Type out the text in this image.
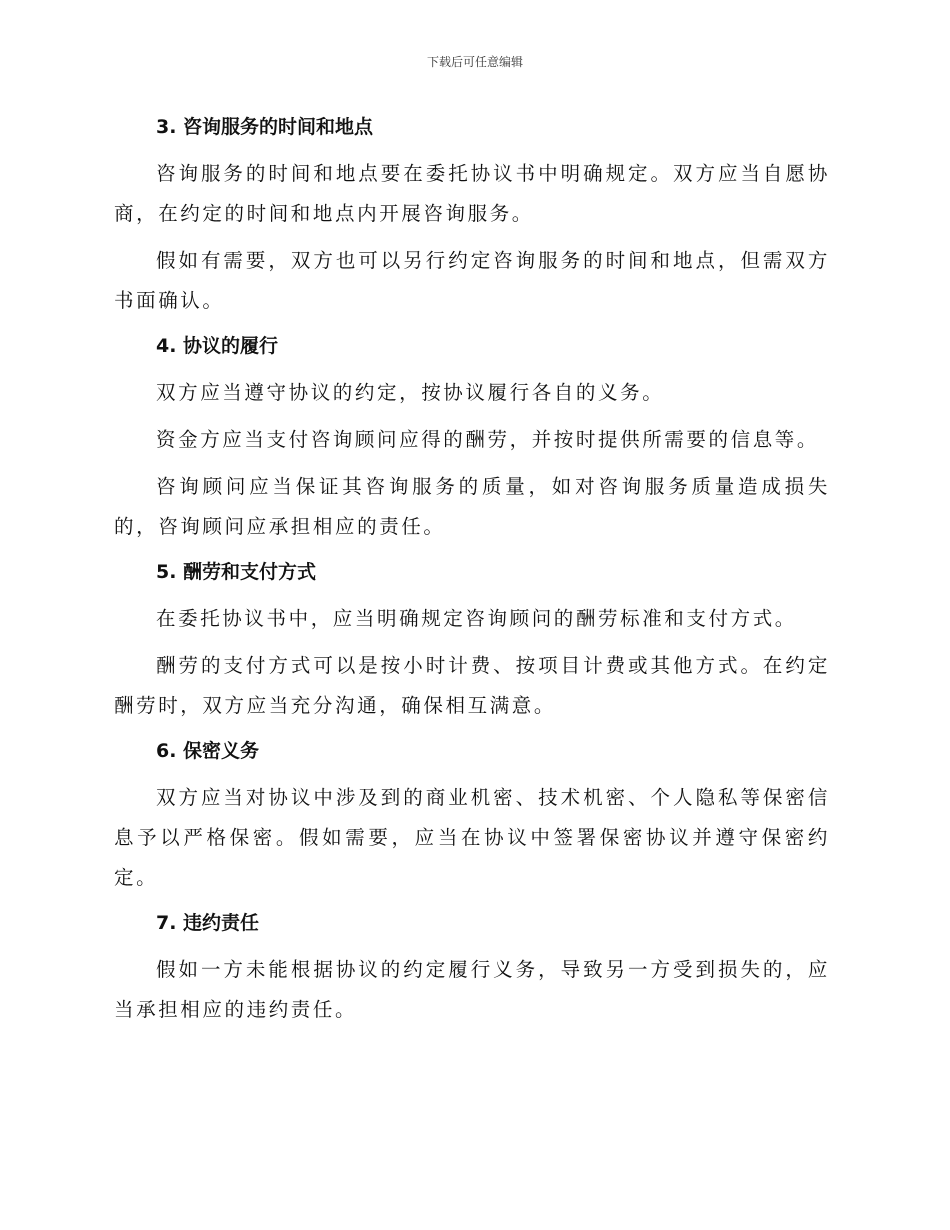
下载后可任意编辑
3. 咨询服务的时间和地点

咨询服务的时间和地点要在委托协议书中明确规定。双方应当自愿协商，在约定的时间和地点内开展咨询服务。

假如有需要，双方也可以另行约定咨询服务的时间和地点，但需双方书面确认。

4. 协议的履行

双方应当遵守协议的约定，按协议履行各自的义务。

资金方应当支付咨询顾问应得的酬劳，并按时提供所需要的信息等。

咨询顾问应当保证其咨询服务的质量，如对咨询服务质量造成损失的，咨询顾问应承担相应的责任。

5. 酬劳和支付方式

在委托协议书中，应当明确规定咨询顾问的酬劳标准和支付方式。

酬劳的支付方式可以是按小时计费、按项目计费或其他方式。在约定酬劳时，双方应当充分沟通，确保相互满意。

6. 保密义务

双方应当对协议中涉及到的商业机密、技术机密、个人隐私等保密信息予以严格保密。假如需要，应当在协议中签署保密协议并遵守保密约定。

7. 违约责任

假如一方未能根据协议的约定履行义务，导致另一方受到损失的，应当承担相应的违约责任。
